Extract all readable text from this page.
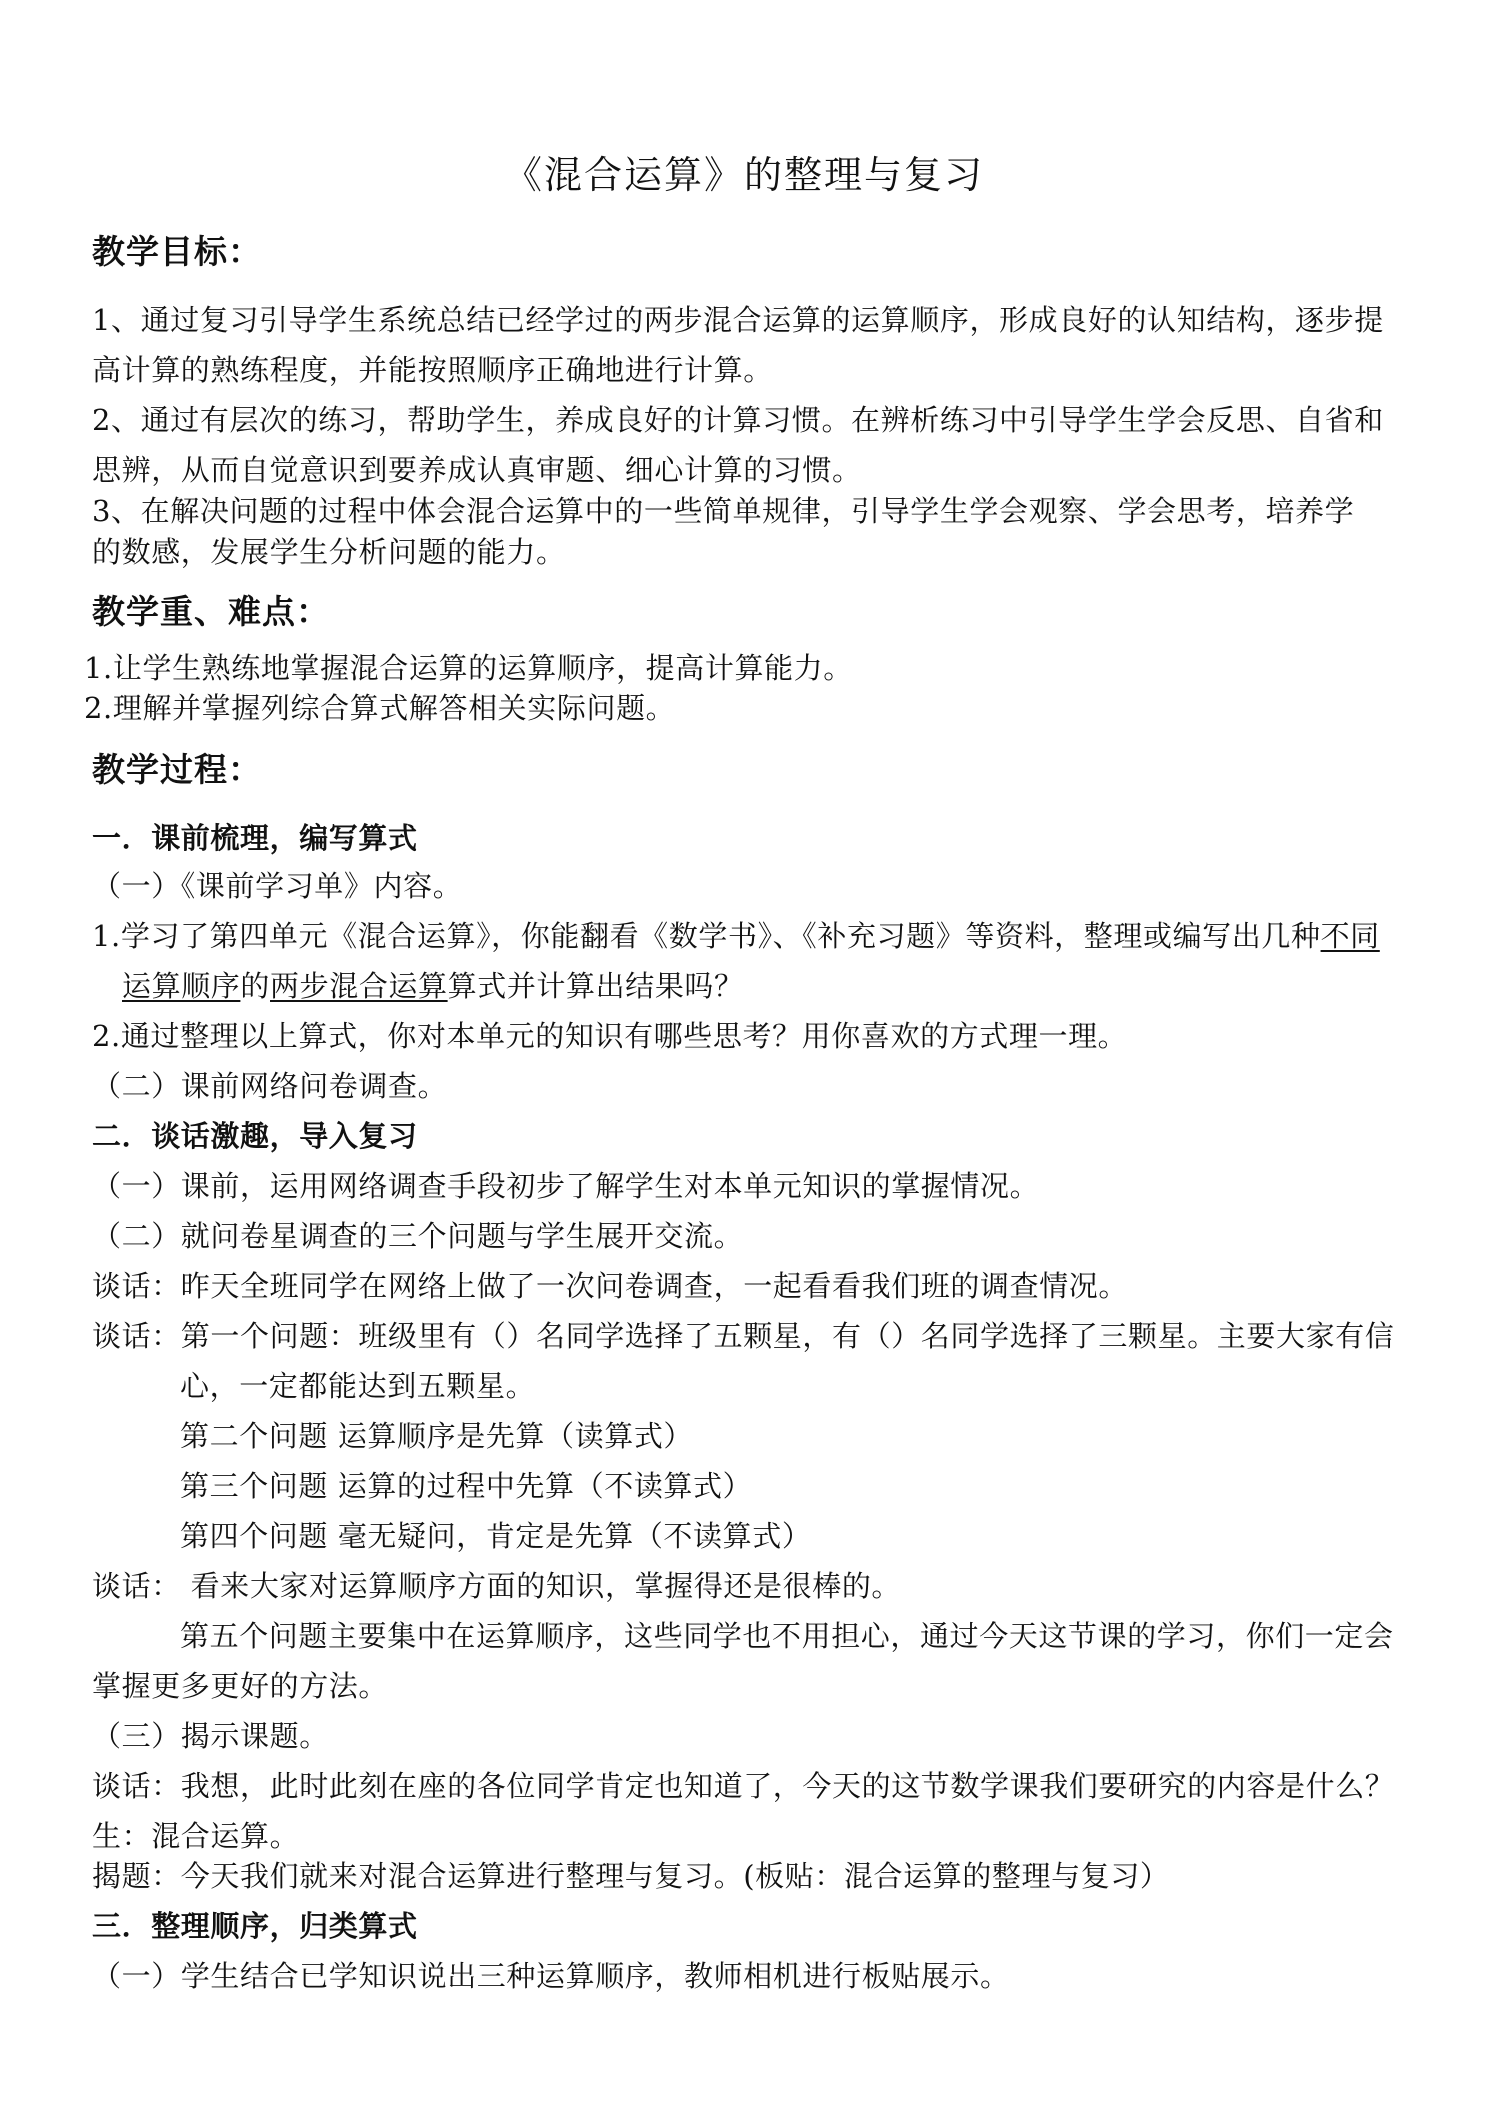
《混合运算》的整理与复习
教学目标：
1、通过复习引导学生系统总结已经学过的两步混合运算的运算顺序，形成良好的认知结构，逐步提
高计算的熟练程度，并能按照顺序正确地进行计算。
2、通过有层次的练习，帮助学生，养成良好的计算习惯。在辨析练习中引导学生学会反思、自省和
思辨，从而自觉意识到要养成认真审题、细心计算的习惯。
3、在解决问题的过程中体会混合运算中的一些简单规律，引导学生学会观察、学会思考，培养学
的数感，发展学生分析问题的能力。
教学重、难点：
1.让学生熟练地掌握混合运算的运算顺序，提高计算能力。
2.理解并掌握列综合算式解答相关实际问题。
教学过程：
一．课前梳理，编写算式
（一）《课前学习单》内容。
1.学习了第四单元《混合运算》，你能翻看《数学书》、《补充习题》等资料，整理或编写出几种不同
运算顺序的两步混合运算算式并计算出结果吗？
2.通过整理以上算式，你对本单元的知识有哪些思考？用你喜欢的方式理一理。
（二）课前网络问卷调查。
二．谈话激趣，导入复习
（一）课前，运用网络调查手段初步了解学生对本单元知识的掌握情况。
（二）就问卷星调查的三个问题与学生展开交流。
谈话：昨天全班同学在网络上做了一次问卷调查，一起看看我们班的调查情况。
谈话：第一个问题：班级里有（）名同学选择了五颗星，有（）名同学选择了三颗星。主要大家有信
心，一定都能达到五颗星。
第二个问题 运算顺序是先算（读算式）
第三个问题 运算的过程中先算（不读算式）
第四个问题 毫无疑问，肯定是先算（不读算式）
谈话： 看来大家对运算顺序方面的知识，掌握得还是很棒的。
第五个问题主要集中在运算顺序，这些同学也不用担心，通过今天这节课的学习，你们一定会
掌握更多更好的方法。
（三）揭示课题。
谈话：我想，此时此刻在座的各位同学肯定也知道了，今天的这节数学课我们要研究的内容是什么？
生：混合运算。
揭题：今天我们就来对混合运算进行整理与复习。(板贴：混合运算的整理与复习）
三．整理顺序，归类算式
（一）学生结合已学知识说出三种运算顺序，教师相机进行板贴展示。
